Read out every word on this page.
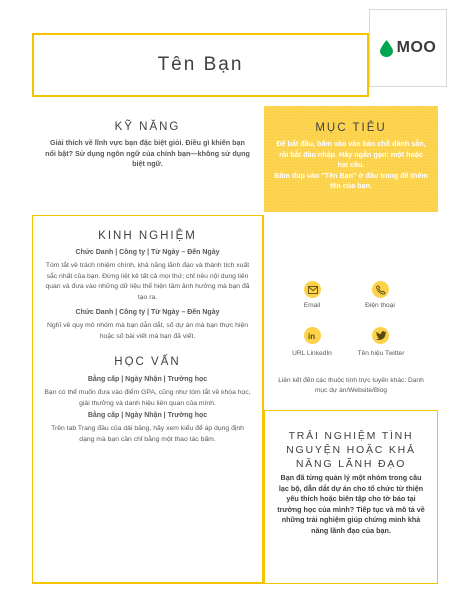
Tên Bạn
MOO
MỤC TIÊU

Để bắt đầu, bấm vào văn bản chỗ dành sẵn, rồi bắt đầu nhập. Hãy ngắn gọn: một hoặc hai câu.

Bấm đúp vào "Tên Bạn" ở đầu trang để thêm tên của bạn.

KỸ NĂNG
Giải thích về lĩnh vực bạn đặc biệt giỏi. Điều gì khiến bạn nổi bật? Sử dụng ngôn ngữ của chính bạn—không sử dụng biệt ngữ.
KINH NGHIỆM
Chức Danh | Công ty | Từ Ngày – Đến Ngày
Tóm tắt về trách nhiệm chính, khả năng lãnh đạo và thành tích xuất sắc nhất của bạn. Đừng liệt kê tất cả mọi thứ; chỉ nêu nội dung liên quan và đưa vào những dữ liệu thể hiện tầm ảnh hưởng mà bạn đã tạo ra.
Chức Danh | Công ty | Từ Ngày – Đến Ngày
Nghĩ về quy mô nhóm mà bạn dẫn dắt, số dự án mà bạn thực hiện hoặc số bài viết mà bạn đã viết.
HỌC VẤN
Bằng cấp | Ngày Nhận | Trường học
Bạn có thể muốn đưa vào điểm GPA, cũng như tóm tắt về khóa học, giải thưởng và danh hiệu liên quan của mình.
Bằng cấp | Ngày Nhận | Trường học
Trên tab Trang đầu của dải băng, hãy xem kiểu để áp dụng định dạng mà bạn cần chỉ bằng một thao tác bấm.
Email	Điện thoại
in
URL LinkedIn	Tên hiệu Twitter
Liên kết đến các thuộc tính trực tuyến khác: Danh mục dự án/Website/Blog
TRẢI NGHIỆM TÌNH NGUYỆN HOẶC KHẢ NĂNG LÃNH ĐẠO
Bạn đã từng quản lý một nhóm trong câu lạc bộ, dẫn dắt dự án cho tổ chức từ thiện yêu thích hoặc biên tập cho tờ báo tại trường học của mình? Tiếp tục và mô tả về những trải nghiệm giúp chứng minh khả năng lãnh đạo của bạn.
